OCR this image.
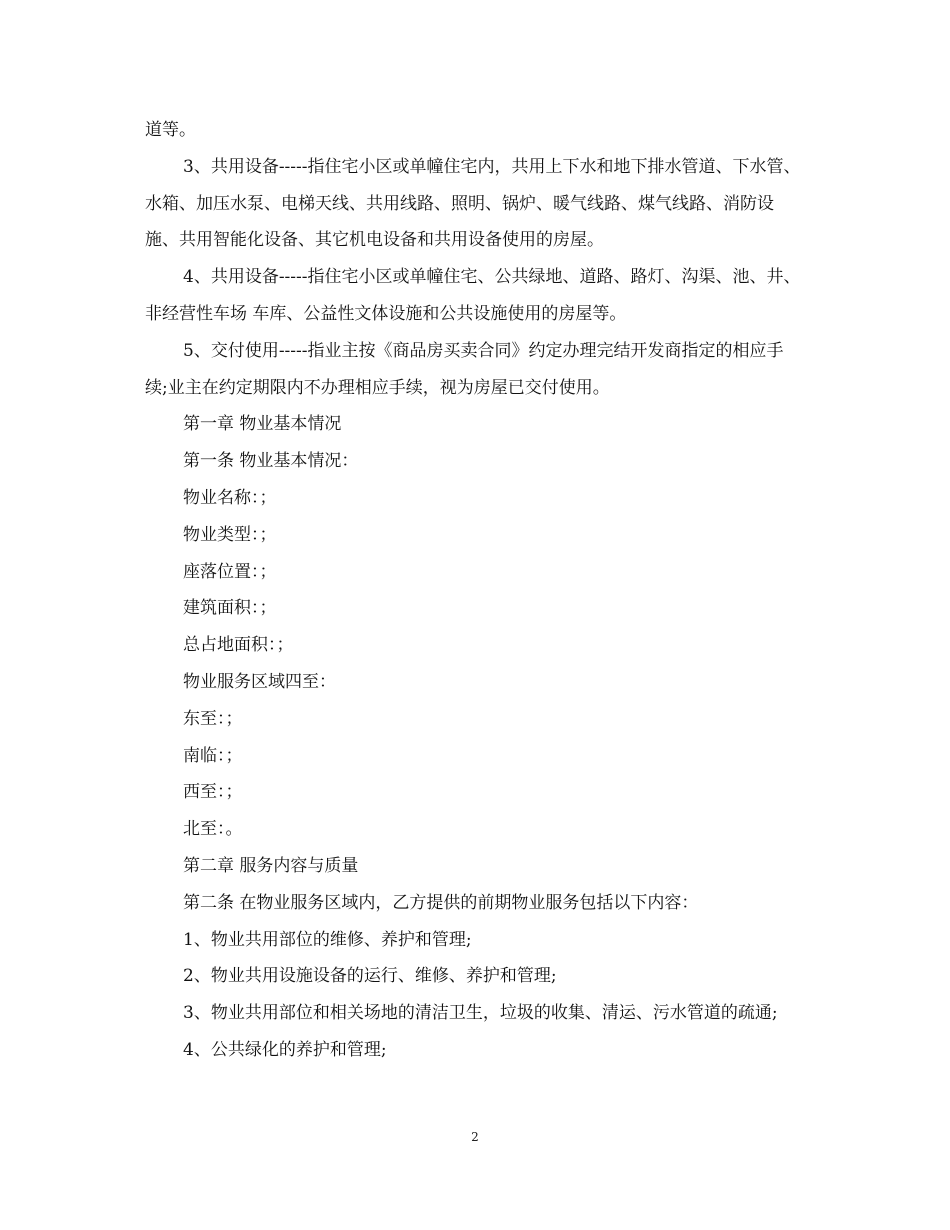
道等。

3、共用设备-----指住宅小区或单幢住宅内，共用上下水和地下排水管道、下水管、水箱、加压水泵、电梯天线、共用线路、照明、锅炉、暖气线路、煤气线路、消防设施、共用智能化设备、其它机电设备和共用设备使用的房屋。

4、共用设备-----指住宅小区或单幢住宅、公共绿地、道路、路灯、沟渠、池、井、非经营性车场 车库、公益性文体设施和公共设施使用的房屋等。

5、交付使用-----指业主按《商品房买卖合同》约定办理完结开发商指定的相应手续;业主在约定期限内不办理相应手续，视为房屋已交付使用。

第一章 物业基本情况

第一条 物业基本情况：

物业名称：；

物业类型：；

座落位置：；

建筑面积：；

总占地面积：；

物业服务区域四至：

东至：；

南临：；

西至：；

北至：。

第二章 服务内容与质量

第二条 在物业服务区域内，乙方提供的前期物业服务包括以下内容：

1、物业共用部位的维修、养护和管理;

2、物业共用设施设备的运行、维修、养护和管理;

3、物业共用部位和相关场地的清洁卫生，垃圾的收集、清运、污水管道的疏通;

4、公共绿化的养护和管理;

2
